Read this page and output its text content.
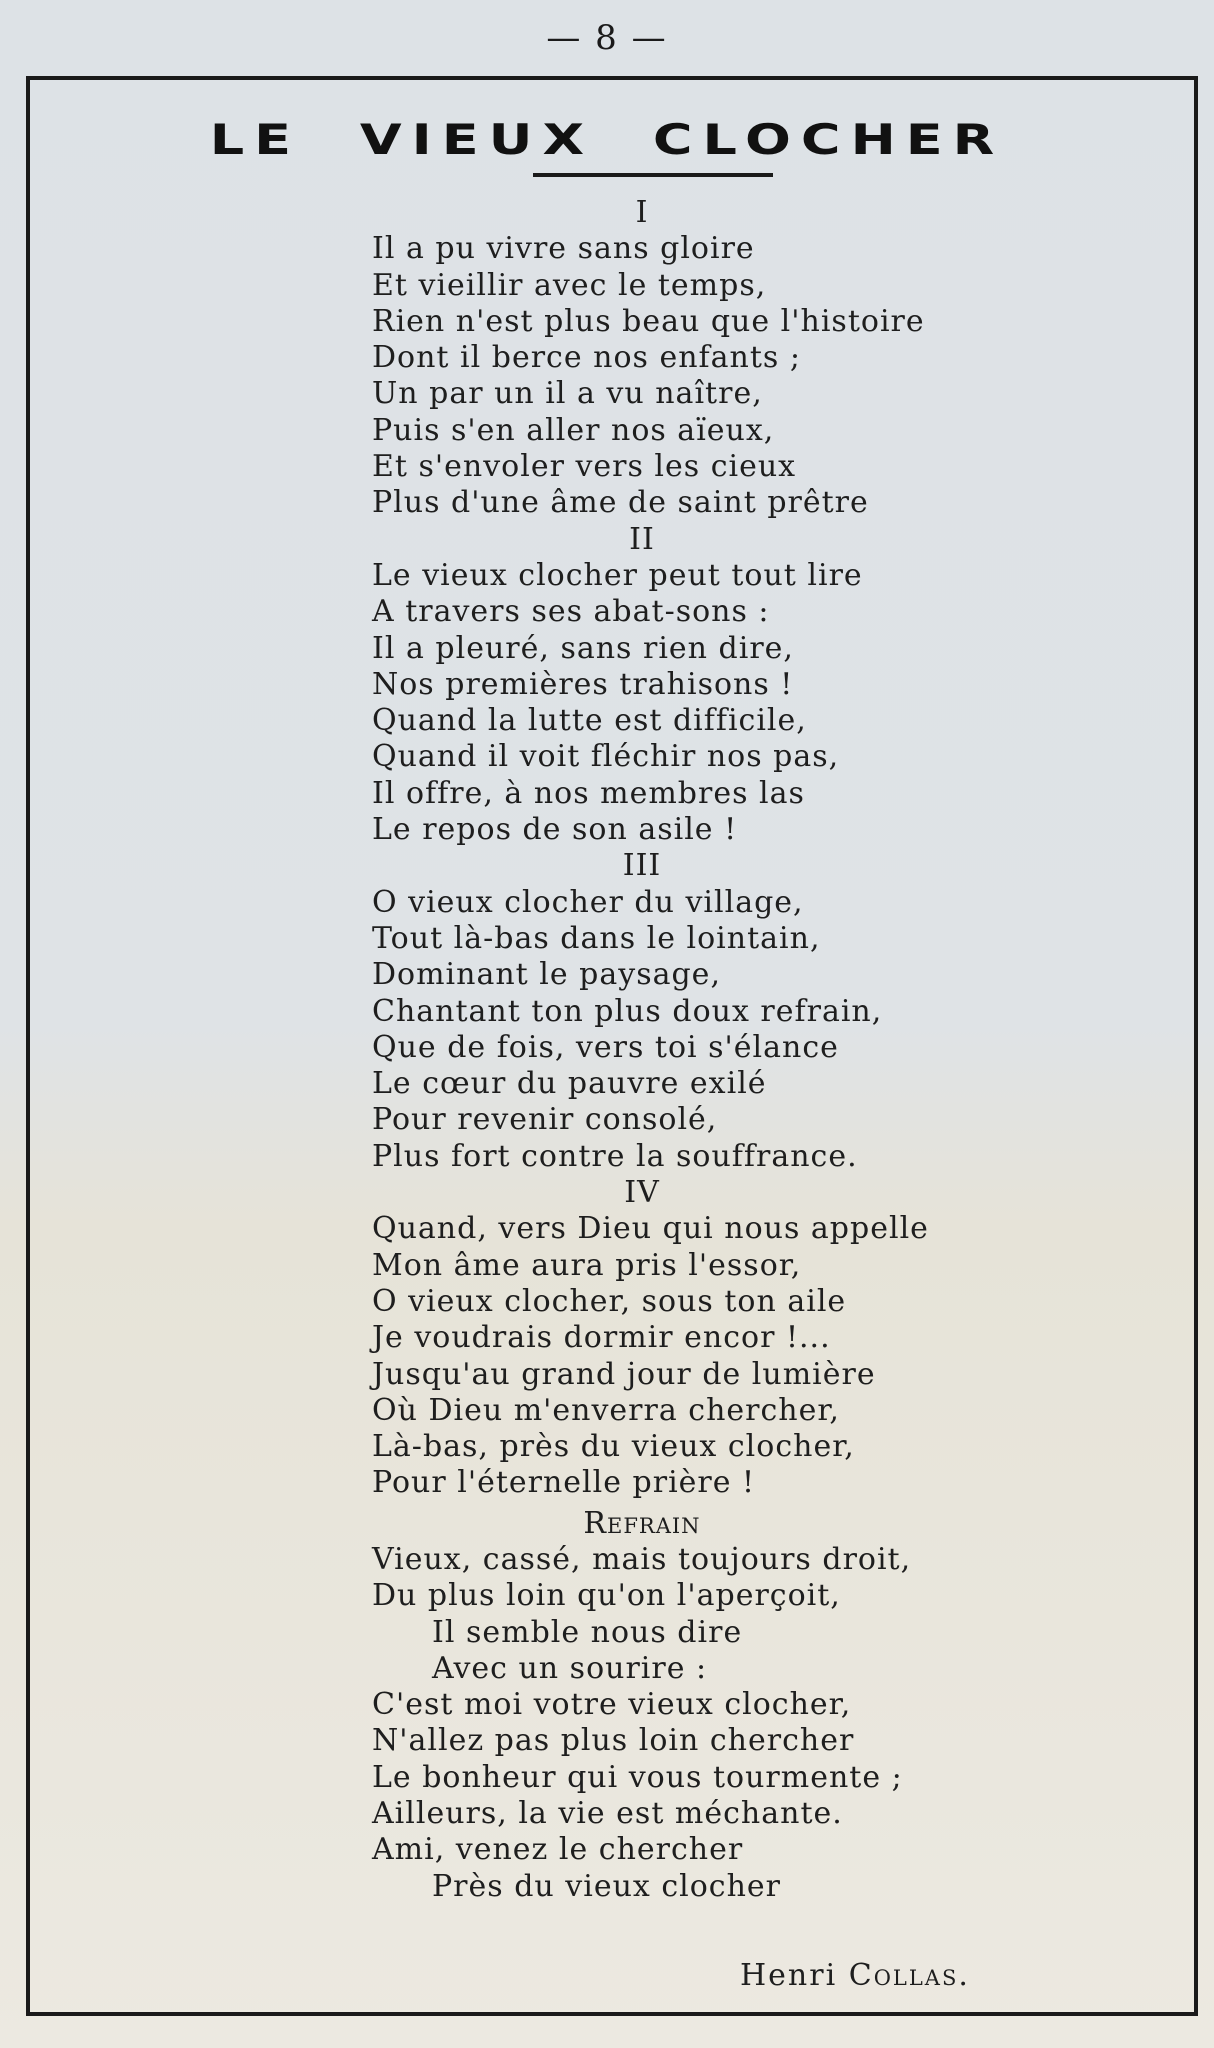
— 8 —
LE VIEUX CLOCHER
I
Il a pu vivre sans gloire
Et vieillir avec le temps,
Rien n'est plus beau que l'histoire
Dont il berce nos enfants ;
Un par un il a vu naître,
Puis s'en aller nos aïeux,
Et s'envoler vers les cieux
Plus d'une âme de saint prêtre
II
Le vieux clocher peut tout lire
A travers ses abat-sons :
Il a pleuré, sans rien dire,
Nos premières trahisons !
Quand la lutte est difficile,
Quand il voit fléchir nos pas,
Il offre, à nos membres las
Le repos de son asile !
III
O vieux clocher du village,
Tout là-bas dans le lointain,
Dominant le paysage,
Chantant ton plus doux refrain,
Que de fois, vers toi s'élance
Le cœur du pauvre exilé
Pour revenir consolé,
Plus fort contre la souffrance.
IV
Quand, vers Dieu qui nous appelle
Mon âme aura pris l'essor,
O vieux clocher, sous ton aile
Je voudrais dormir encor !...
Jusqu'au grand jour de lumière
Où Dieu m'enverra chercher,
Là-bas, près du vieux clocher,
Pour l'éternelle prière !
Refrain
Vieux, cassé, mais toujours droit,
Du plus loin qu'on l'aperçoit,
Il semble nous dire
Avec un sourire :
C'est moi votre vieux clocher,
N'allez pas plus loin chercher
Le bonheur qui vous tourmente ;
Ailleurs, la vie est méchante.
Ami, venez le chercher
Près du vieux clocher
Henri Collas.
